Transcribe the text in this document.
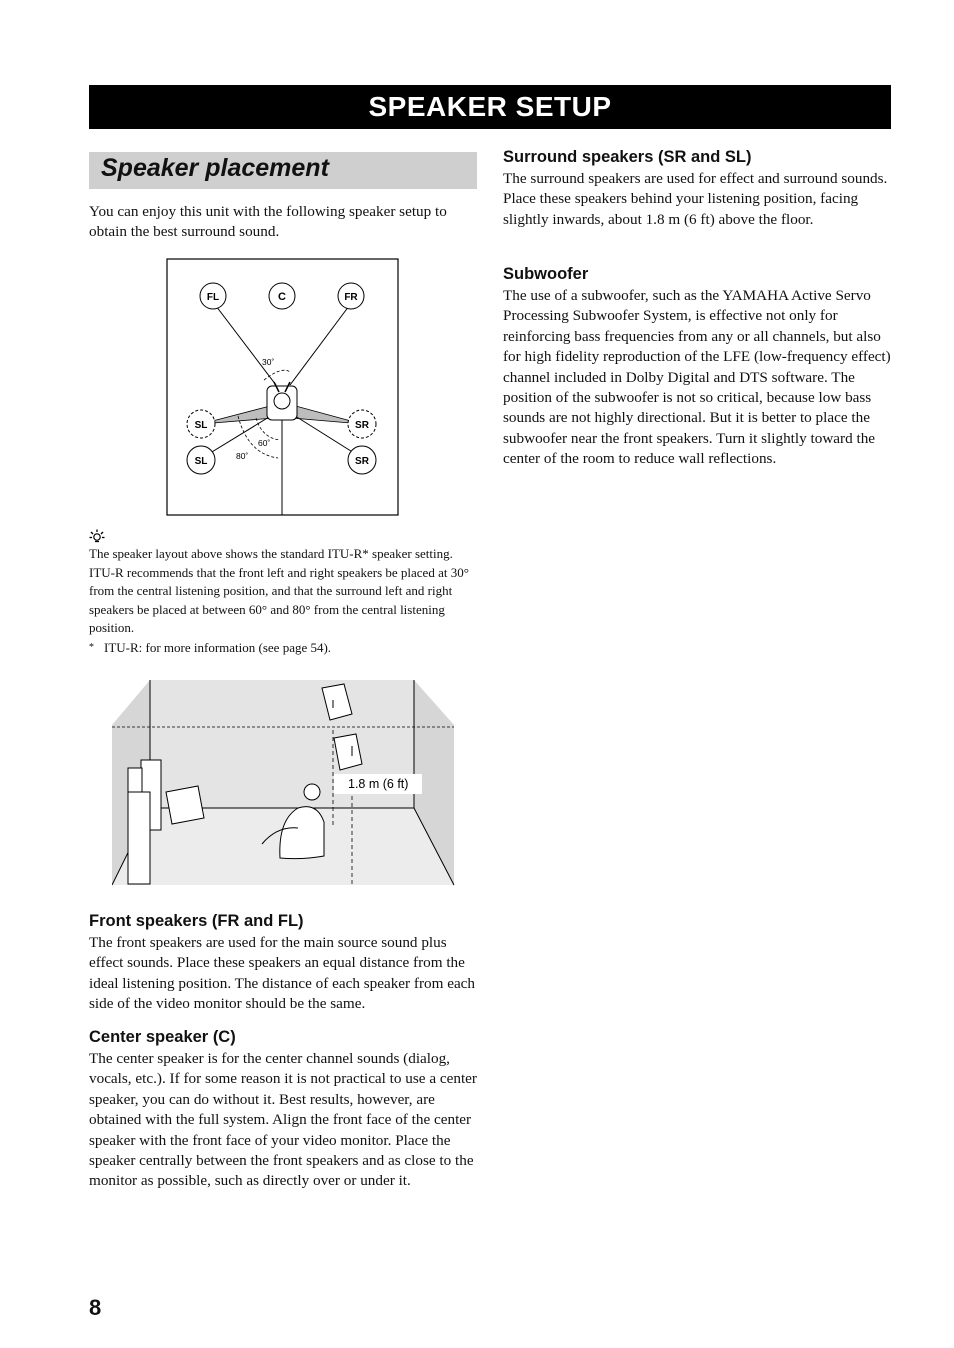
SPEAKER SETUP
Speaker placement

You can enjoy this unit with the following speaker setup to obtain the best surround sound.

FL	C	FR
SL	SR
SL	SR
30˚
60˚
80˚

The speaker layout above shows the standard ITU-R* speaker setting. ITU-R recommends that the front left and right speakers be placed at 30° from the central listening position, and that the surround left and right speakers be placed at between 60° and 80° from the central listening position.

* ITU-R: for more information (see page 54).
1.8 m (6 ft)
Front speakers (FR and FL)

The front speakers are used for the main source sound plus effect sounds. Place these speakers an equal distance from the ideal listening position. The distance of each speaker from each side of the video monitor should be the same.

Center speaker (C)

The center speaker is for the center channel sounds (dialog, vocals, etc.). If for some reason it is not practical to use a center speaker, you can do without it. Best results, however, are obtained with the full system. Align the front face of the center speaker with the front face of your video monitor. Place the speaker centrally between the front speakers and as close to the monitor as possible, such as directly over or under it.

Surround speakers (SR and SL)

The surround speakers are used for effect and surround sounds. Place these speakers behind your listening position, facing slightly inwards, about 1.8 m (6 ft) above the floor.

Subwoofer

The use of a subwoofer, such as the YAMAHA Active Servo Processing Subwoofer System, is effective not only for reinforcing bass frequencies from any or all channels, but also for high fidelity reproduction of the LFE (low-frequency effect) channel included in Dolby Digital and DTS software. The position of the subwoofer is not so critical, because low bass sounds are not highly directional. But it is better to place the subwoofer near the front speakers. Turn it slightly toward the center of the room to reduce wall reflections.

8
